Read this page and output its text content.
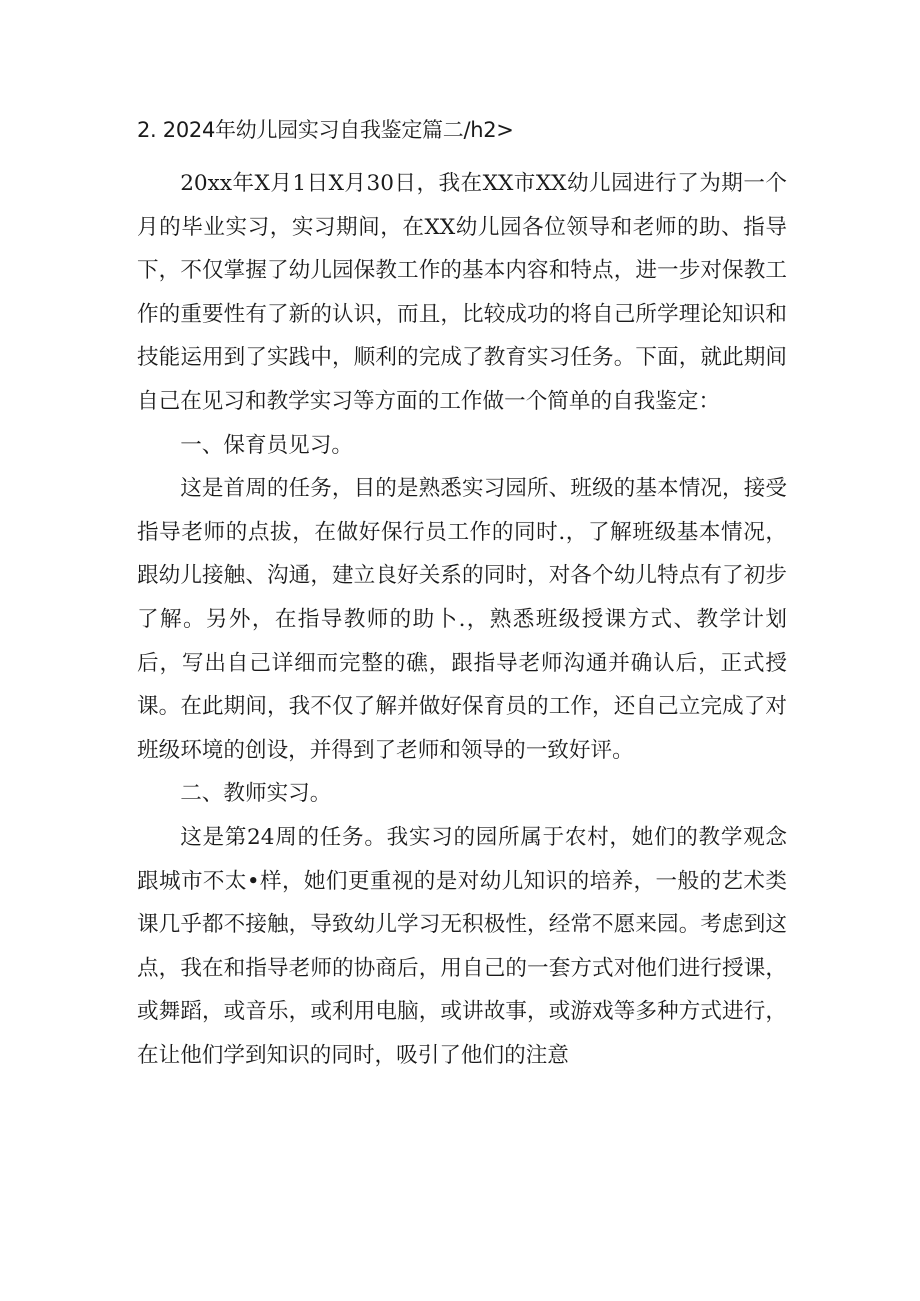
2. 2024年幼儿园实习自我鉴定篇二/h2>

20xx年X月1日X月30日，我在XX市XX幼儿园进行了为期一个月的毕业实习，实习期间，在XX幼儿园各位领导和老师的助、指导下，不仅掌握了幼儿园保教工作的基本内容和特点，进一步对保教工作的重要性有了新的认识，而且，比较成功的将自己所学理论知识和技能运用到了实践中，顺利的完成了教育实习任务。下面，就此期间自己在见习和教学实习等方面的工作做一个简单的自我鉴定：

一、保育员见习。

这是首周的任务，目的是熟悉实习园所、班级的基本情况，接受指导老师的点拔，在做好保行员工作的同时.，了解班级基本情况，跟幼儿接触、沟通，建立良好关系的同时，对各个幼儿特点有了初步了解。另外，在指导教师的助卜.，熟悉班级授课方式、教学计划后，写出自己详细而完整的礁，跟指导老师沟通并确认后，正式授课。在此期间，我不仅了解并做好保育员的工作，还自己立完成了对班级环境的创设，并得到了老师和领导的一致好评。

二、教师实习。

这是第24周的任务。我实习的园所属于农村，她们的教学观念跟城市不太•样，她们更重视的是对幼儿知识的培养，一般的艺术类课几乎都不接触，导致幼儿学习无积极性，经常不愿来园。考虑到这点，我在和指导老师的协商后，用自己的一套方式对他们进行授课，或舞蹈，或音乐，或利用电脑，或讲故事，或游戏等多种方式进行，在让他们学到知识的同时，吸引了他们的注意
